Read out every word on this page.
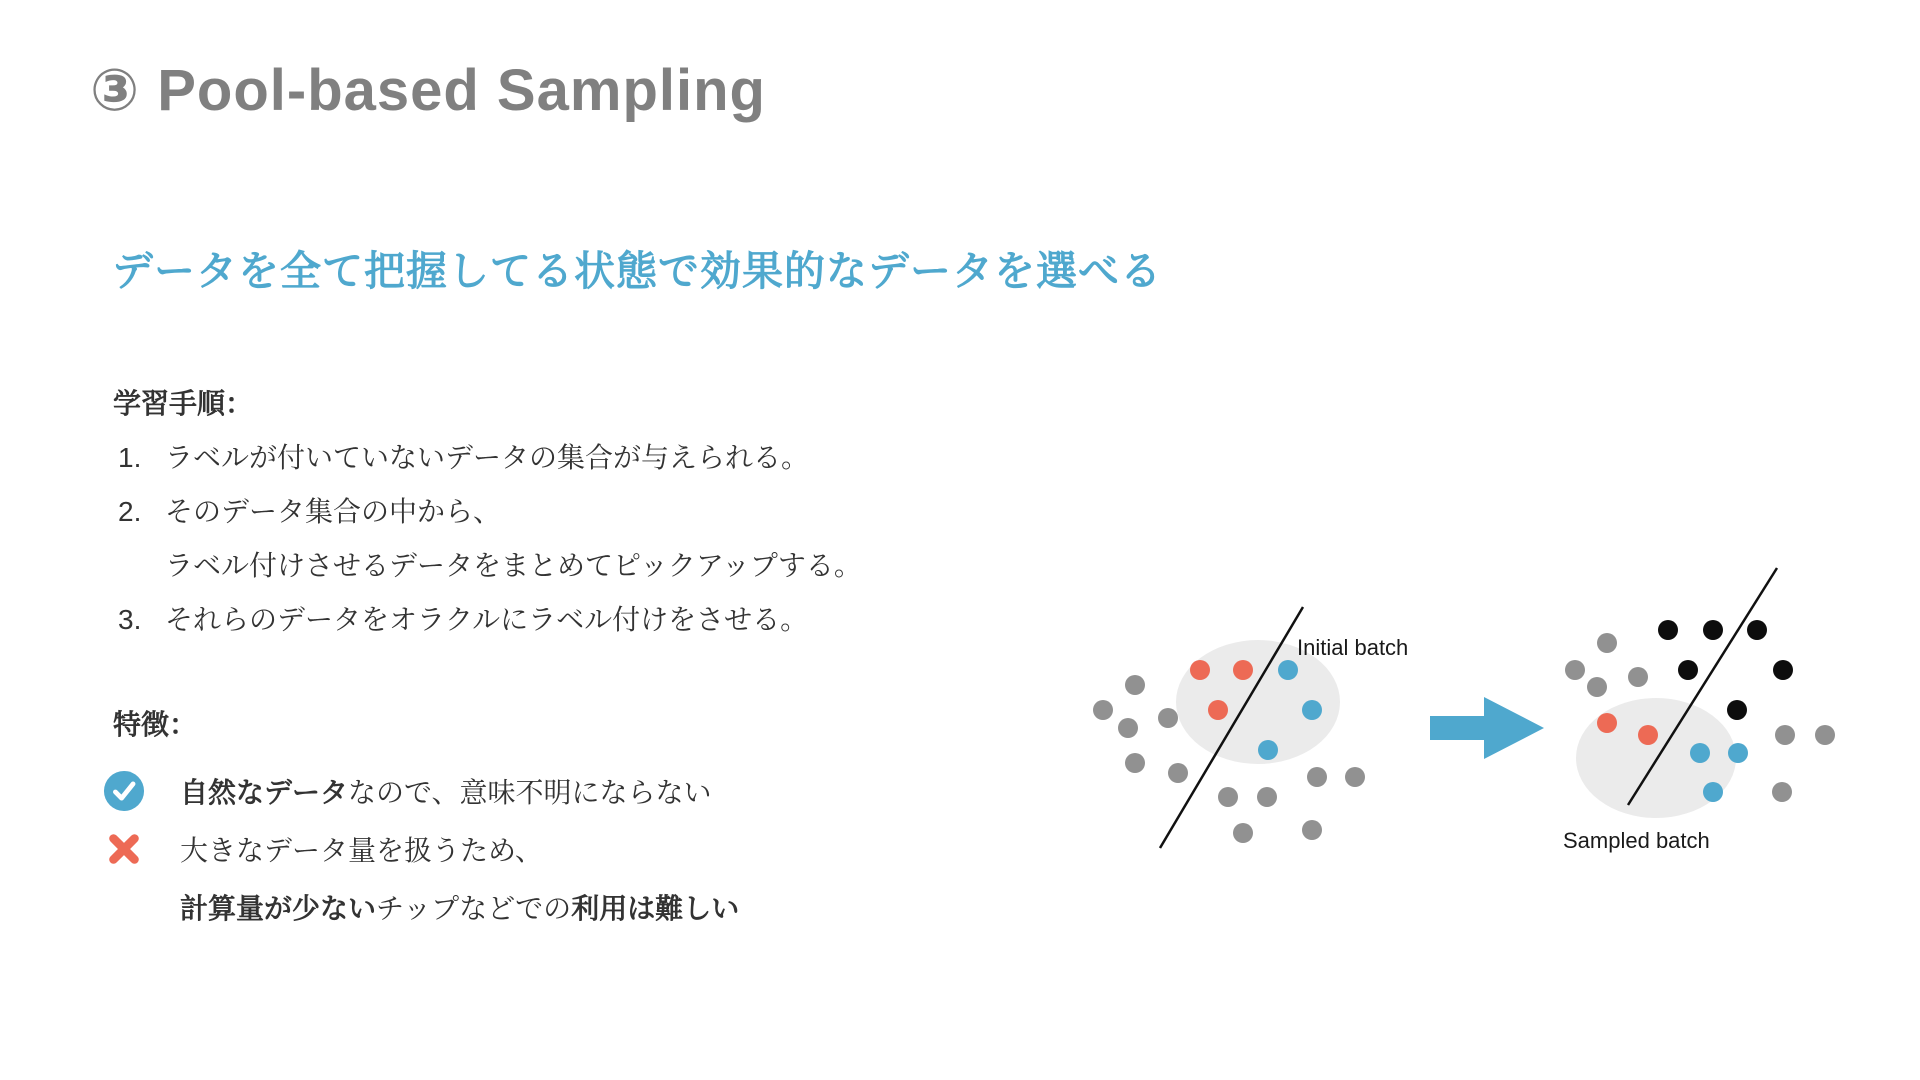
③ Pool-based Sampling
データを全て把握してる状態で効果的なデータを選べる
学習手順：
1. ラベルが付いていないデータの集合が与えられる。
2. そのデータ集合の中から、
ラベル付けさせるデータをまとめてピックアップする。
3. それらのデータをオラクルにラベル付けをさせる。
特徴：
自然なデータなので、意味不明にならない
大きなデータ量を扱うため、
計算量が少ないチップなどでの利用は難しい
Initial batch
Sampled batch
